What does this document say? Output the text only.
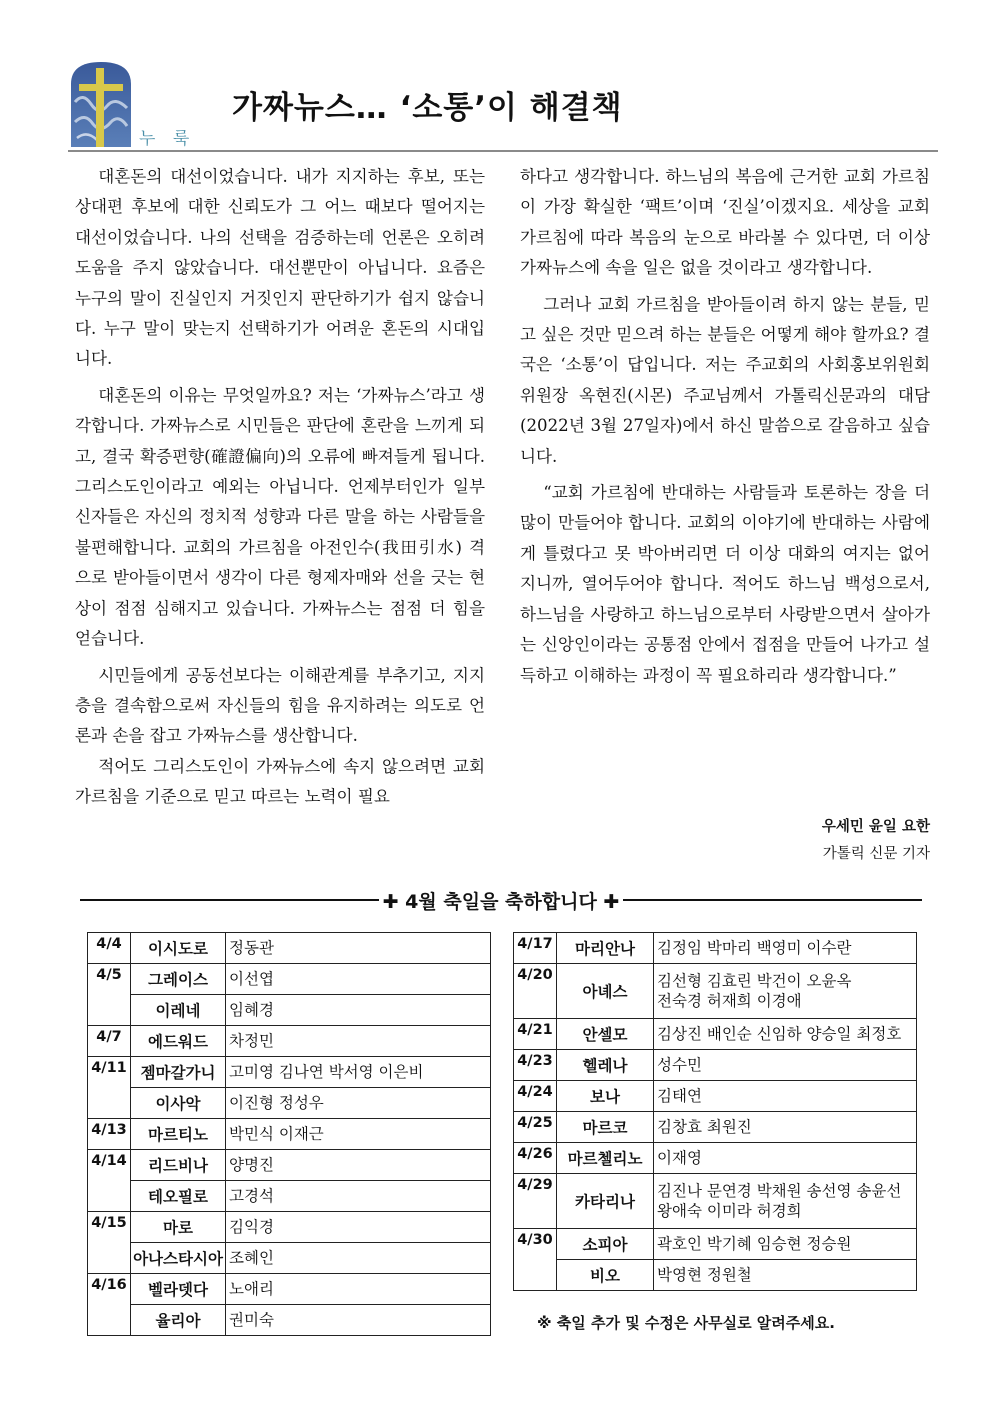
누 룩
가짜뉴스… ‘소통’이 해결책

대혼돈의 대선이었습니다. 내가 지지하는 후보, 또는 상대편 후보에 대한 신뢰도가 그 어느 때보다 떨어지는 대선이었습니다. 나의 선택을 검증하는데 언론은 오히려 도움을 주지 않았습니다. 대선뿐만이 아닙니다. 요즘은 누구의 말이 진실인지 거짓인지 판단하기가 쉽지 않습니다. 누구 말이 맞는지 선택하기가 어려운 혼돈의 시대입니다.

대혼돈의 이유는 무엇일까요? 저는 ‘가짜뉴스’라고 생각합니다. 가짜뉴스로 시민들은 판단에 혼란을 느끼게 되고, 결국 확증편향(確證偏向)의 오류에 빠져들게 됩니다. 그리스도인이라고 예외는 아닙니다. 언제부터인가 일부 신자들은 자신의 정치적 성향과 다른 말을 하는 사람들을 불편해합니다. 교회의 가르침을 아전인수(我田引水) 격으로 받아들이면서 생각이 다른 형제자매와 선을 긋는 현상이 점점 심해지고 있습니다. 가짜뉴스는 점점 더 힘을 얻습니다.

시민들에게 공동선보다는 이해관계를 부추기고, 지지층을 결속함으로써 자신들의 힘을 유지하려는 의도로 언론과 손을 잡고 가짜뉴스를 생산합니다.

적어도 그리스도인이 가짜뉴스에 속지 않으려면 교회 가르침을 기준으로 믿고 따르는 노력이 필요

하다고 생각합니다. 하느님의 복음에 근거한 교회 가르침이 가장 확실한 ‘팩트’이며 ‘진실’이겠지요. 세상을 교회 가르침에 따라 복음의 눈으로 바라볼 수 있다면, 더 이상 가짜뉴스에 속을 일은 없을 것이라고 생각합니다.

그러나 교회 가르침을 받아들이려 하지 않는 분들, 믿고 싶은 것만 믿으려 하는 분들은 어떻게 해야 할까요? 결국은 ‘소통’이 답입니다. 저는 주교회의 사회홍보위원회 위원장 옥현진(시몬) 주교님께서 가톨릭신문과의 대담(2022년 3월 27일자)에서 하신 말씀으로 갈음하고 싶습니다.

“교회 가르침에 반대하는 사람들과 토론하는 장을 더 많이 만들어야 합니다. 교회의 이야기에 반대하는 사람에게 틀렸다고 못 박아버리면 더 이상 대화의 여지는 없어지니까, 열어두어야 합니다. 적어도 하느님 백성으로서, 하느님을 사랑하고 하느님으로부터 사랑받으면서 살아가는 신앙인이라는 공통점 안에서 접점을 만들어 나가고 설득하고 이해하는 과정이 꼭 필요하리라 생각합니다.”

우세민 윤일 요한
가톨릭 신문 기자
✚ 4월 축일을 축하합니다 ✚
4/4	이시도로	정동관

4/5	그레이스	이선엽

	이레네	임혜경

4/7	에드워드	차정민

4/11	젬마갈가니	고미영 김나연 박서영 이은비

	이사악	이진형 정성우

4/13	마르티노	박민식 이재근

4/14	리드비나	양명진

	테오필로	고경석

4/15	마로	김익경

	아나스타시아	조혜인

4/16	벨라뎃다	노애리

	율리아	권미숙
4/17	마리안나	김정임 박마리 백영미 이수란

4/20	아녜스	김선형 김효린 박건이 오윤옥
전숙경 허재희 이경애

4/21	안셀모	김상진 배인순 신임하 양승일 최정호

4/23	헬레나	성수민

4/24	보나	김태연

4/25	마르코	김창효 최원진

4/26	마르첼리노	이재영

4/29	카타리나	김진나 문연경 박채원 송선영 송윤선
왕애숙 이미라 허경희

4/30	소피아	곽호인 박기혜 임승현 정승원

	비오	박영현 정원철
※ 축일 추가 및 수정은 사무실로 알려주세요.
